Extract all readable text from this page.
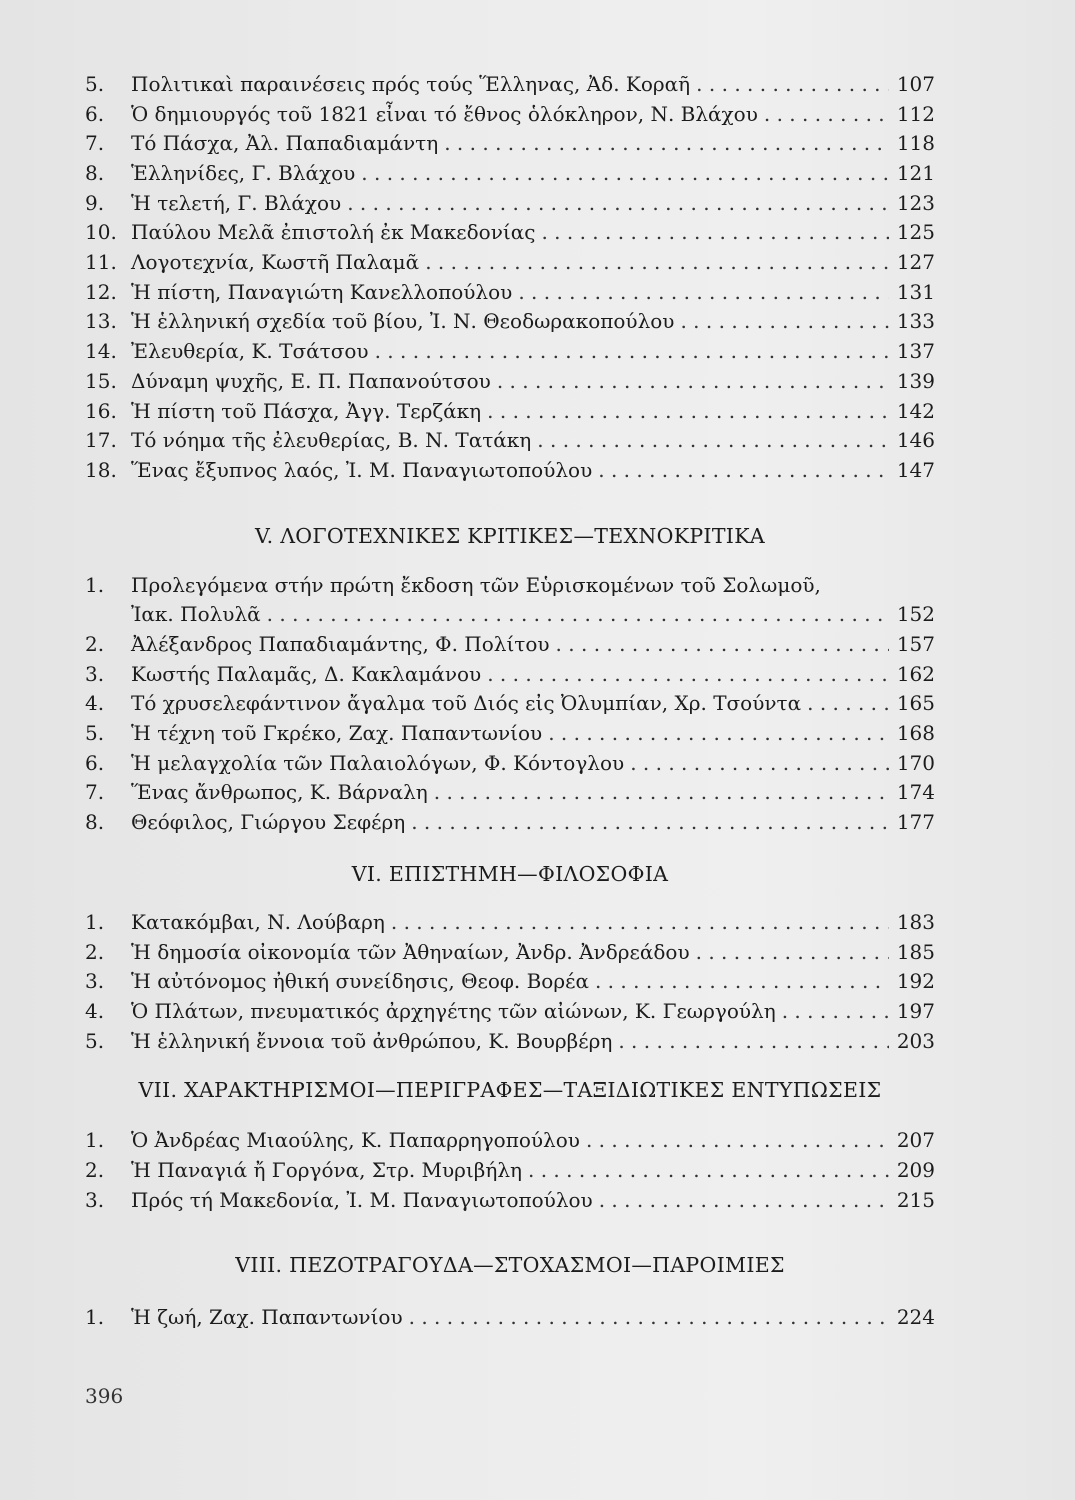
5.	Πολιτικαὶ παραινέσεις πρός τούς Ἕλληνας, Ἀδ. Κοραῆ . . .	107
6.	Ὁ δημιουργός τοῦ 1821 εἶναι τό ἔθνος ὁλόκληρον, Ν. Βλάχου . . .	112
7.	Τό Πάσχα, Ἀλ. Παπαδιαμάντη . . .	118
8.	Ἑλληνίδες, Γ. Βλάχου . . .	121
9.	Ἡ τελετή, Γ. Βλάχου . . .	123
10. Παύλου Μελᾶ ἐπιστολή ἐκ Μακεδονίας . . .	125
11. Λογοτεχνία, Κωστῆ Παλαμᾶ . . .	127
12. Ἡ πίστη, Παναγιώτη Κανελλοπούλου . . .	131
13. Ἡ ἑλληνική σχεδία τοῦ βίου, Ἰ. Ν. Θεοδωρακοπούλου . . .	133
14. Ἐλευθερία, Κ. Τσάτσου . . .	137
15. Δύναμη ψυχῆς, Ε. Π. Παπανούτσου . . .	139
16. Ἡ πίστη τοῦ Πάσχα, Ἀγγ. Τερζάκη . . .	142
17. Τό νόημα τῆς ἐλευθερίας, Β. Ν. Τατάκη . . .	146
18. Ἕνας ἔξυπνος λαός, Ἰ. Μ. Παναγιωτοπούλου . . .	147
V. ΛΟΓΟΤΕΧΝΙΚΕΣ ΚΡΙΤΙΚΕΣ—ΤΕΧΝΟΚΡΙΤΙΚΑ
1.	Προλεγόμενα στήν πρώτη ἔκδοση τῶν Εὑρισκομένων τοῦ Σολωμοῦ,
Ἰακ. Πολυλᾶ . . .	152
2.	Ἀλέξανδρος Παπαδιαμάντης, Φ. Πολίτου . . .	157
3.	Κωστής Παλαμᾶς, Δ. Κακλαμάνου . . .	162
4.	Τό χρυσελεφάντινον ἄγαλμα τοῦ Διός εἰς Ὀλυμπίαν, Χρ. Τσούντα . . .	165
5.	Ἡ τέχνη τοῦ Γκρέκο, Ζαχ. Παπαντωνίου . . .	168
6.	Ἡ μελαγχολία τῶν Παλαιολόγων, Φ. Κόντογλου . . .	170
7.	Ἕνας ἄνθρωπος, Κ. Βάρναλη . . .	174
8.	Θεόφιλος, Γιώργου Σεφέρη . . .	177
VI. ΕΠΙΣΤΗΜΗ—ΦΙΛΟΣΟΦΙΑ
1.	Κατακόμβαι, Ν. Λούβαρη . . .	183
2.	Ἡ δημοσία οἰκονομία τῶν Ἀθηναίων, Ἀνδρ. Ἀνδρεάδου . . .	185
3.	Ἡ αὐτόνομος ἠθική συνείδησις, Θεοφ. Βορέα . . .	192
4.	Ὁ Πλάτων, πνευματικός ἀρχηγέτης τῶν αἰώνων, Κ. Γεωργούλη . . .	197
5.	Ἡ ἑλληνική ἔννοια τοῦ ἀνθρώπου, Κ. Βουρβέρη . . .	203
VII. ΧΑΡΑΚΤΗΡΙΣΜΟΙ—ΠΕΡΙΓΡΑΦΕΣ—ΤΑΞΙΔΙΩΤΙΚΕΣ ΕΝΤΥΠΩΣΕΙΣ
1.	Ὁ Ἀνδρέας Μιαούλης, Κ. Παπαρρηγοπούλου . . .	207
2.	Ἡ Παναγιά ἤ Γοργόνα, Στρ. Μυριβήλη . . .	209
3.	Πρός τή Μακεδονία, Ἰ. Μ. Παναγιωτοπούλου . . .	215
VIII. ΠΕΖΟΤΡΑΓΟΥΔΑ—ΣΤΟΧΑΣΜΟΙ—ΠΑΡΟΙΜΙΕΣ
1.	Ἡ ζωή, Ζαχ. Παπαντωνίου . . .	224
396
